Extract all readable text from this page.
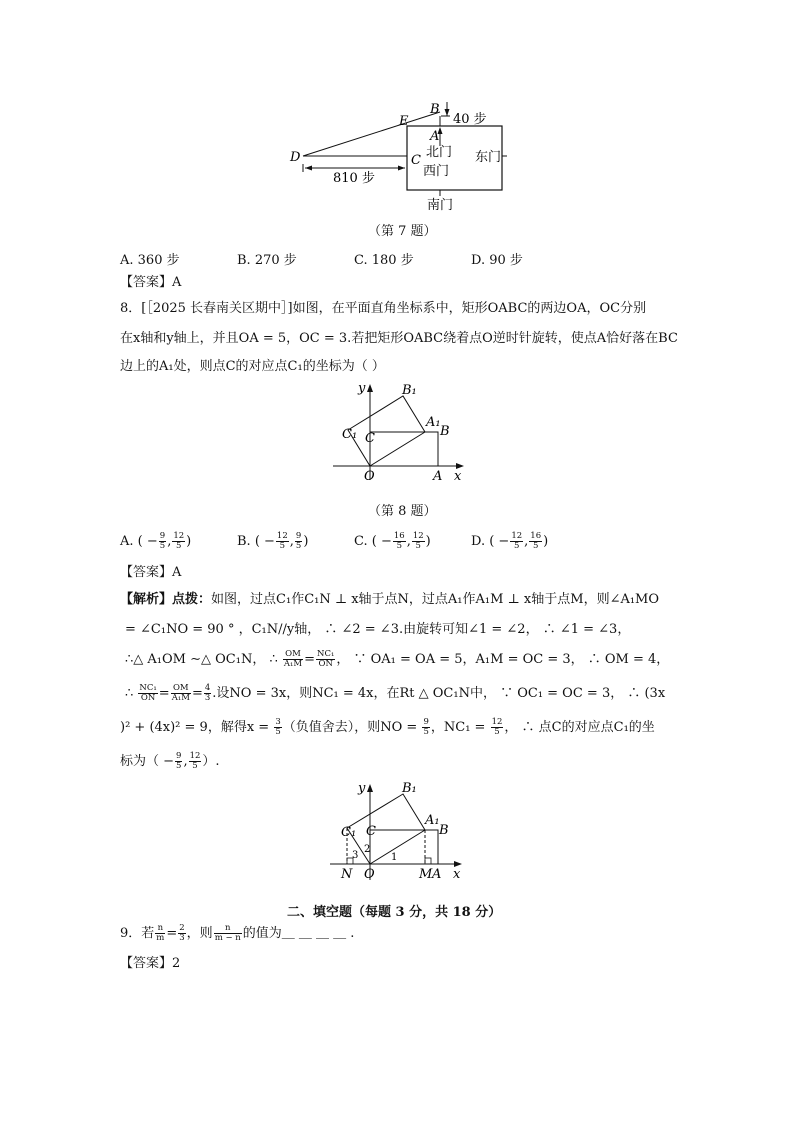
B
E
A
D	C
40 步
810 步
北门
西门
东门
南门
（第 7 题）
A. 360 步	B. 270 步	C. 180 步	D. 90 步
【答案】A
8．[［2025 长春南关区期中］]如图，在平面直角坐标系中，矩形OABC的两边OA，OC分别
在x轴和y轴上，并且OA = 5，OC = 3.若把矩形OABC绕着点O逆时针旋转，使点A恰好落在BC
边上的A₁处，则点C的对应点C₁的坐标为（ ）
y	B₁
A₁
B
C₁ C
O	A x
（第 8 题）
A. ( − $\frac{9}{5}$ , $\frac{12}{5}$ )	B. ( − $\frac{12}{5}$ , $\frac{9}{5}$ )	C. ( − $\frac{16}{5}$ , $\frac{12}{5}$ )	D. ( − $\frac{12}{5}$ , $\frac{16}{5}$ )
【答案】A
【解析】点拨：如图，过点C₁作C₁N ⊥ x轴于点N，过点A₁作A₁M ⊥ x轴于点M，则∠A₁MO
= ∠C₁NO = 90 ° ，C₁N//y轴， ∴ ∠2 = ∠3.由旋转可知∠1 = ∠2， ∴ ∠1 = ∠3，
∴△ A₁OM ∼△ OC₁N， ∴ $\frac{OM}{\text{A₁M}} = \frac{\text{NC₁}}{ON}$ ， ∵ OA₁ = OA = 5，A₁M = OC = 3， ∴ OM = 4，
∴ $\frac{\text{NC₁}}{ON} = \frac{OM}{\text{A₁M}} = \frac{4}{3}$ .设NO = 3x，则NC₁ = 4x，在Rt △ OC₁N中， ∵ OC₁ = OC = 3， ∴ (3x
)² + (4x)² = 9，解得$x = \frac{3}{5}$ （负值舍去），则NO = $\frac{9}{5}$ ，$NC_1 = \frac{12}{5}$ ， ∴ 点C的对应点C₁的坐
标为（ − $\frac{9}{5}$ , $\frac{12}{5}$ ）.
y	B₁
A₁
B
C₁ C
2
3	1
N O	M A x
二、填空题（每题 3 分，共 18 分）
9．若 $\frac{n}{m} = \frac{2}{3}$ ，则 $\frac{n}{m - n}$ 的值为＿ ＿ ＿ ＿ .
【答案】2
